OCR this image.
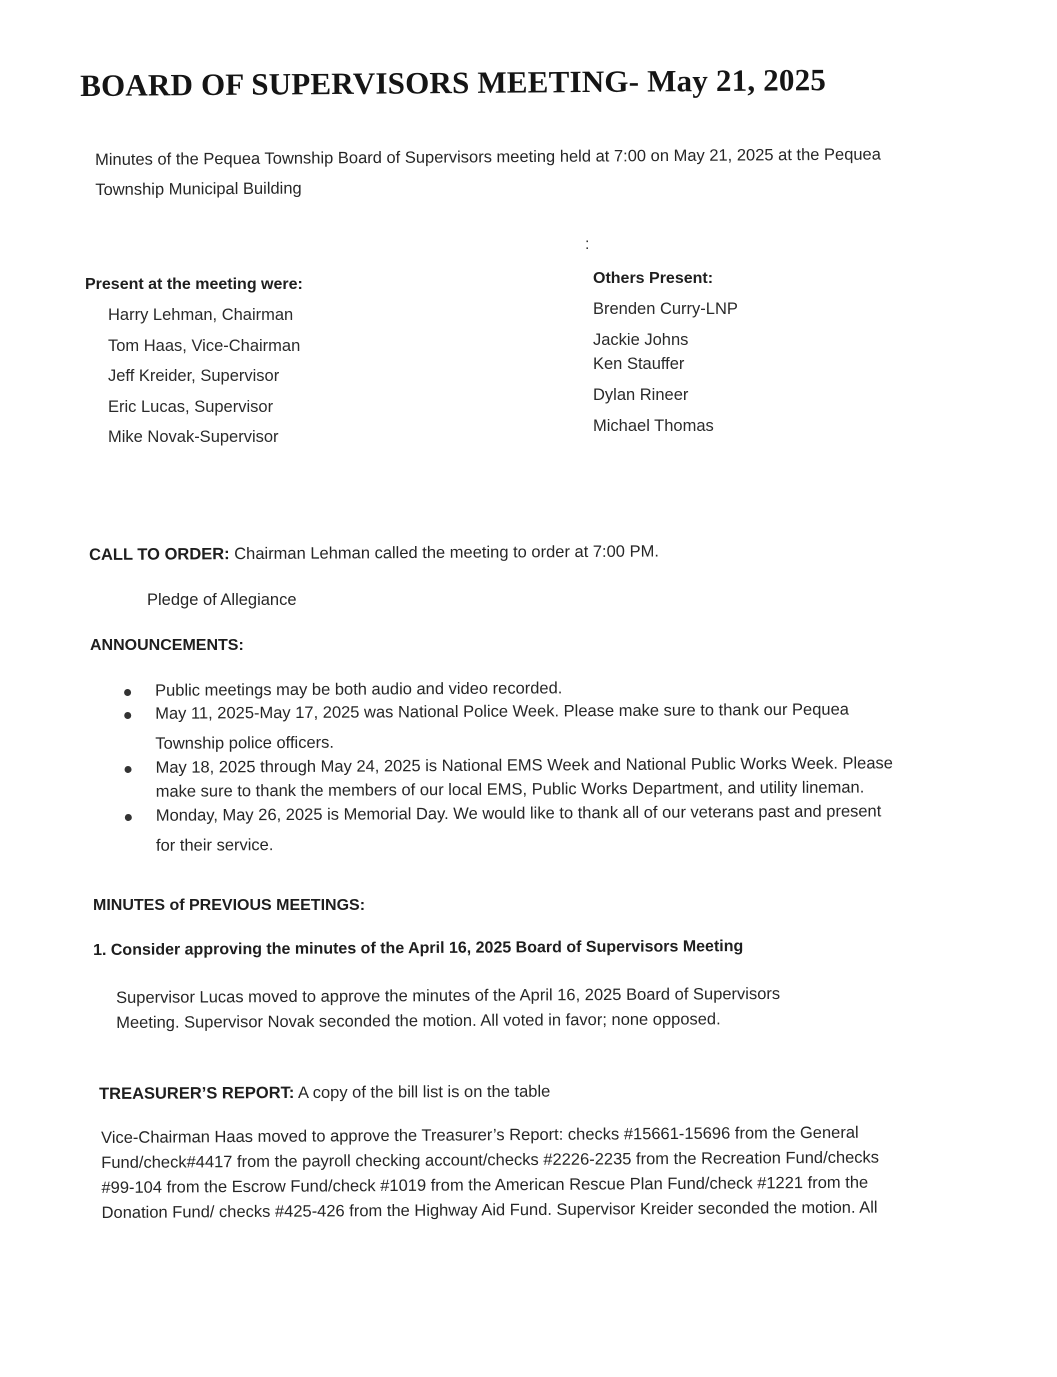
BOARD OF SUPERVISORS MEETING- May 21, 2025
Minutes of the Pequea Township Board of Supervisors meeting held at 7:00 on May 21, 2025 at the Pequea
Township Municipal Building
:
Present at the meeting were:
Harry Lehman, Chairman
Tom Haas, Vice-Chairman
Jeff Kreider, Supervisor
Eric Lucas, Supervisor
Mike Novak-Supervisor
Others Present:
Brenden Curry-LNP
Jackie Johns
Ken Stauffer
Dylan Rineer
Michael Thomas
CALL TO ORDER: Chairman Lehman called the meeting to order at 7:00 PM.
Pledge of Allegiance
ANNOUNCEMENTS:
Public meetings may be both audio and video recorded.
May 11, 2025-May 17, 2025 was National Police Week. Please make sure to thank our Pequea
Township police officers.
May 18, 2025 through May 24, 2025 is National EMS Week and National Public Works Week. Please
make sure to thank the members of our local EMS, Public Works Department, and utility lineman.
Monday, May 26, 2025 is Memorial Day. We would like to thank all of our veterans past and present
for their service.
MINUTES of PREVIOUS MEETINGS:
1. Consider approving the minutes of the April 16, 2025 Board of Supervisors Meeting
Supervisor Lucas moved to approve the minutes of the April 16, 2025 Board of Supervisors
Meeting. Supervisor Novak seconded the motion. All voted in favor; none opposed.
TREASURER’S REPORT: A copy of the bill list is on the table
Vice-Chairman Haas moved to approve the Treasurer’s Report: checks #15661-15696 from the General
Fund/check#4417 from the payroll checking account/checks #2226-2235 from the Recreation Fund/checks
#99-104 from the Escrow Fund/check #1019 from the American Rescue Plan Fund/check #1221 from the
Donation Fund/ checks #425-426 from the Highway Aid Fund. Supervisor Kreider seconded the motion. All
